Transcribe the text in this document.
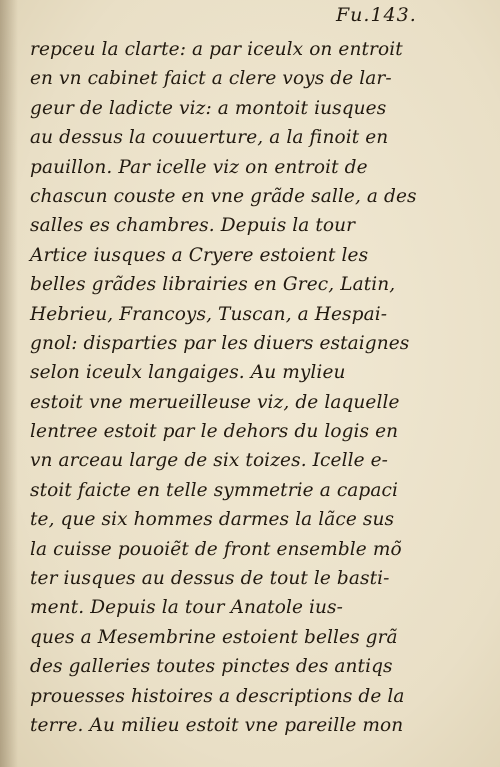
Fu.143.
repceu la clarte: a par iceulx on entroit
en vn cabinet faict a clere voys de lar-
geur de ladicte viz: a montoit iusques
au dessus la couuerture, a la finoit en
pauillon. Par icelle viz on entroit de
chascun couste en vne grãde salle, a des
salles es chambres. Depuis la tour
Artice iusques a Cryere estoient les
belles grãdes librairies en Grec, Latin,
Hebrieu, Francoys, Tuscan, a Hespai-
gnol: disparties par les diuers estaignes
selon iceulx langaiges. Au mylieu
estoit vne merueilleuse viz, de laquelle
lentree estoit par le dehors du logis en
vn arceau large de six toizes. Icelle e-
stoit faicte en telle symmetrie a capaci
te, que six hommes darmes la lãce sus
la cuisse pouoiẽt de front ensemble mõ
ter iusques au dessus de tout le basti-
ment. Depuis la tour Anatole ius-
ques a Mesembrine estoient belles grã
des galleries toutes pinctes des antiqs
prouesses histoires a descriptions de la
terre. Au milieu estoit vne pareille mon
